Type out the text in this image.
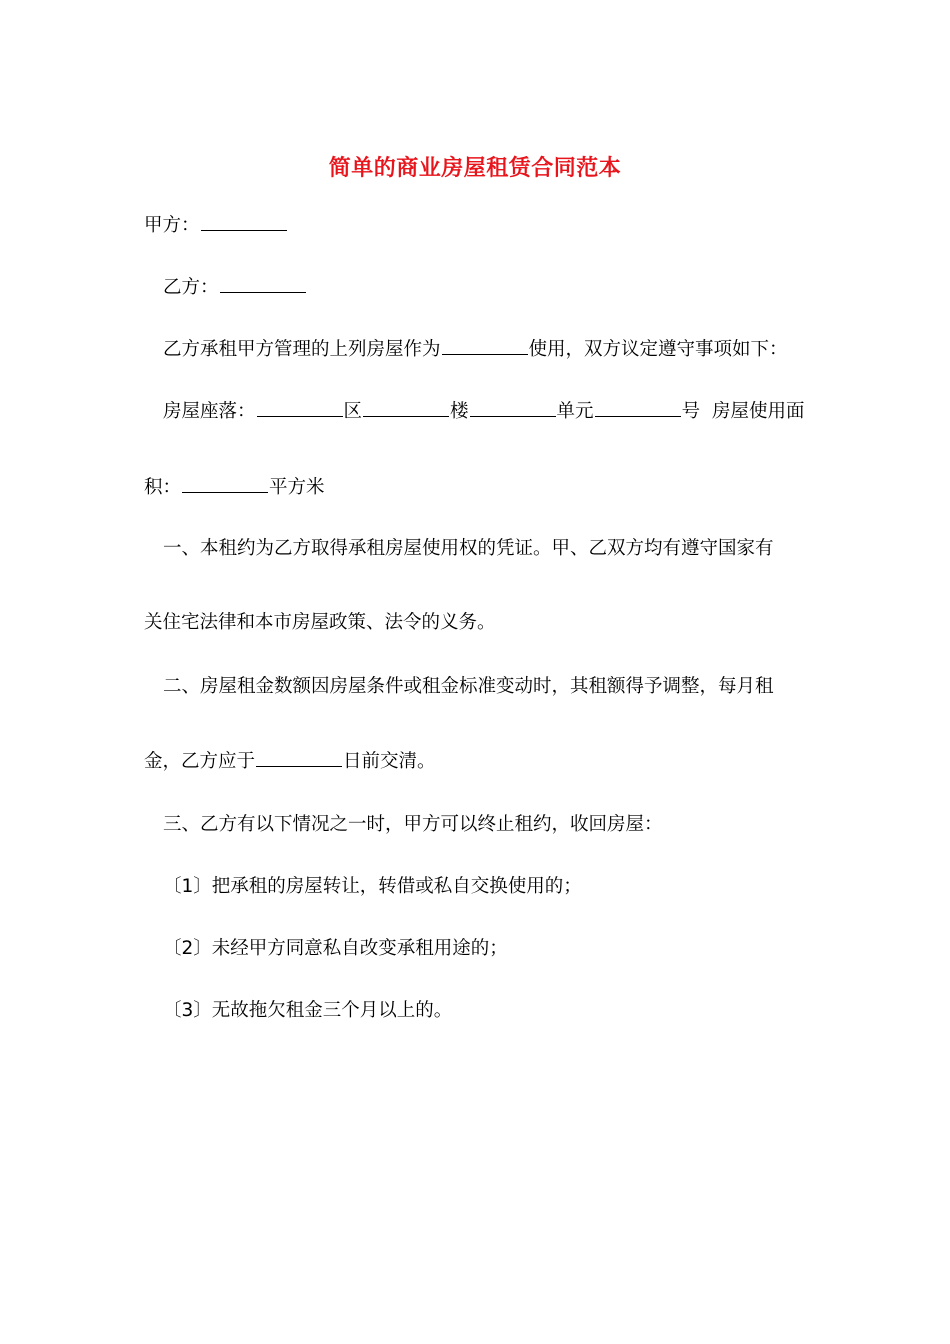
简单的商业房屋租赁合同范本
甲方：
乙方：
乙方承租甲方管理的上列房屋作为	使用，双方议定遵守事项如下：
房屋座落：	区	楼	单元	号 房屋使用面
积：	平方米
一、本租约为乙方取得承租房屋使用权的凭证。甲、乙双方均有遵守国家有
关住宅法律和本市房屋政策、法令的义务。
二、房屋租金数额因房屋条件或租金标准变动时，其租额得予调整，每月租
金，乙方应于	日前交清。
三、乙方有以下情况之一时，甲方可以终止租约，收回房屋：
〔1〕把承租的房屋转让，转借或私自交换使用的；
〔2〕未经甲方同意私自改变承租用途的；
〔3〕无故拖欠租金三个月以上的。
